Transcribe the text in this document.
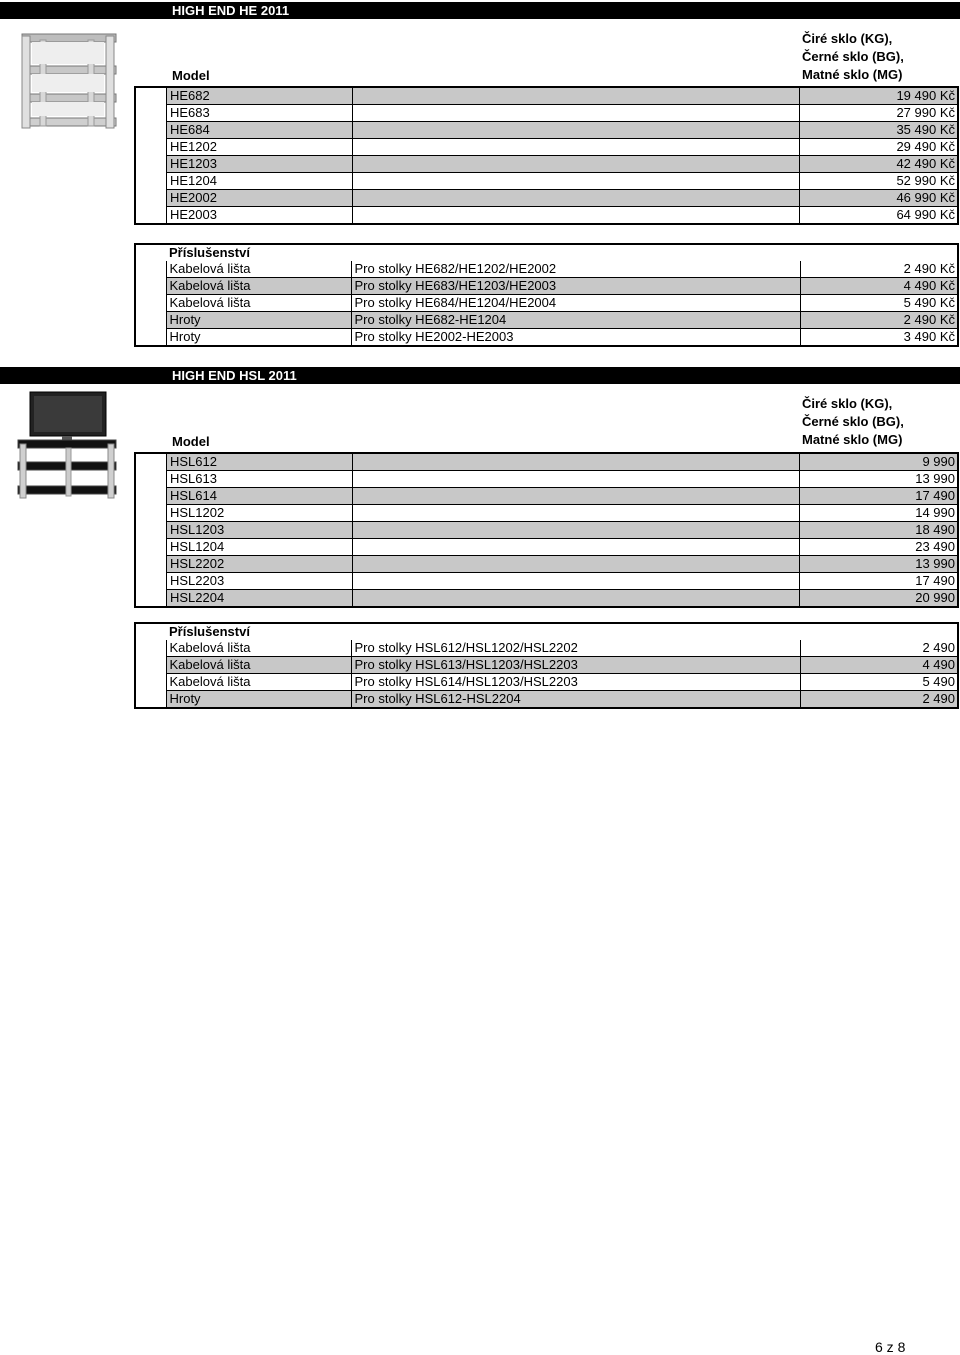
HIGH END HE 2011
Čiré sklo (KG),
Černé sklo (BG),
Matné sklo (MG)
Model
	HE682		19 490 Kč
	HE683		27 990 Kč
	HE684		35 490 Kč
	HE1202		29 490 Kč
	HE1203		42 490 Kč
	HE1204		52 990 Kč
	HE2002		46 990 Kč
	HE2003		64 990 Kč
	Příslušenství		
	Kabelová lišta	Pro stolky HE682/HE1202/HE2002	2 490 Kč
	Kabelová lišta	Pro stolky HE683/HE1203/HE2003	4 490 Kč
	Kabelová lišta	Pro stolky HE684/HE1204/HE2004	5 490 Kč
	Hroty	Pro stolky HE682-HE1204	2 490 Kč
	Hroty	Pro stolky HE2002-HE2003	3 490 Kč
HIGH END HSL 2011
Čiré sklo (KG),
Černé sklo (BG),
Matné sklo (MG)
Model
	HSL612		9 990
	HSL613		13 990
	HSL614		17 490
	HSL1202		14 990
	HSL1203		18 490
	HSL1204		23 490
	HSL2202		13 990
	HSL2203		17 490
	HSL2204		20 990
	Příslušenství		
	Kabelová lišta	Pro stolky HSL612/HSL1202/HSL2202	2 490
	Kabelová lišta	Pro stolky HSL613/HSL1203/HSL2203	4 490
	Kabelová lišta	Pro stolky HSL614/HSL1203/HSL2203	5 490
	Hroty	Pro stolky HSL612-HSL2204	2 490
6 z 8
